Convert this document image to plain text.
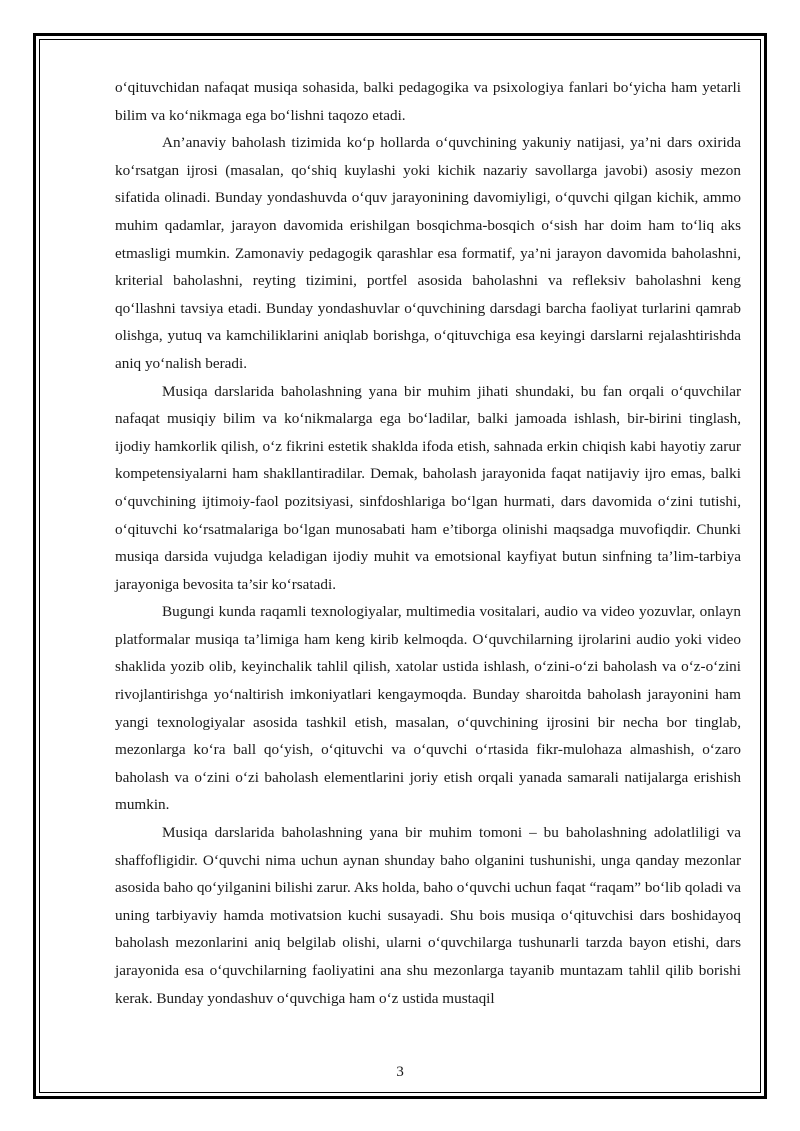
o‘qituvchidan nafaqat musiqa sohasida, balki pedagogika va psixologiya fanlari bo‘yicha ham yetarli bilim va ko‘nikmaga ega bo‘lishni taqozo etadi.

An’anaviy baholash tizimida ko‘p hollarda o‘quvchining yakuniy natijasi, ya’ni dars oxirida ko‘rsatgan ijrosi (masalan, qo‘shiq kuylashi yoki kichik nazariy savollarga javobi) asosiy mezon sifatida olinadi. Bunday yondashuvda o‘quv jarayonining davomiyligi, o‘quvchi qilgan kichik, ammo muhim qadamlar, jarayon davomida erishilgan bosqichma-bosqich o‘sish har doim ham to‘liq aks etmasligi mumkin. Zamonaviy pedagogik qarashlar esa formatif, ya’ni jarayon davomida baholashni, kriterial baholashni, reyting tizimini, portfel asosida baholashni va refleksiv baholashni keng qo‘llashni tavsiya etadi. Bunday yondashuvlar o‘quvchining darsdagi barcha faoliyat turlarini qamrab olishga, yutuq va kamchiliklarini aniqlab borishga, o‘qituvchiga esa keyingi darslarni rejalashtirishda aniq yo‘nalish beradi.

Musiqa darslarida baholashning yana bir muhim jihati shundaki, bu fan orqali o‘quvchilar nafaqat musiqiy bilim va ko‘nikmalarga ega bo‘ladilar, balki jamoada ishlash, bir-birini tinglash, ijodiy hamkorlik qilish, o‘z fikrini estetik shaklda ifoda etish, sahnada erkin chiqish kabi hayotiy zarur kompetensiyalarni ham shakllantiradilar. Demak, baholash jarayonida faqat natijaviy ijro emas, balki o‘quvchining ijtimoiy-faol pozitsiyasi, sinfdoshlariga bo‘lgan hurmati, dars davomida o‘zini tutishi, o‘qituvchi ko‘rsatmalariga bo‘lgan munosabati ham e’tiborga olinishi maqsadga muvofiqdir. Chunki musiqa darsida vujudga keladigan ijodiy muhit va emotsional kayfiyat butun sinfning ta’lim-tarbiya jarayoniga bevosita ta’sir ko‘rsatadi.

Bugungi kunda raqamli texnologiyalar, multimedia vositalari, audio va video yozuvlar, onlayn platformalar musiqa ta’limiga ham keng kirib kelmoqda. O‘quvchilarning ijrolarini audio yoki video shaklida yozib olib, keyinchalik tahlil qilish, xatolar ustida ishlash, o‘zini-o‘zi baholash va o‘z-o‘zini rivojlantirishga yo‘naltirish imkoniyatlari kengaymoqda. Bunday sharoitda baholash jarayonini ham yangi texnologiyalar asosida tashkil etish, masalan, o‘quvchining ijrosini bir necha bor tinglab, mezonlarga ko‘ra ball qo‘yish, o‘qituvchi va o‘quvchi o‘rtasida fikr-mulohaza almashish, o‘zaro baholash va o‘zini o‘zi baholash elementlarini joriy etish orqali yanada samarali natijalarga erishish mumkin.

Musiqa darslarida baholashning yana bir muhim tomoni – bu baholashning adolatliligi va shaffofligidir. O‘quvchi nima uchun aynan shunday baho olganini tushunishi, unga qanday mezonlar asosida baho qo‘yilganini bilishi zarur. Aks holda, baho o‘quvchi uchun faqat “raqam” bo‘lib qoladi va uning tarbiyaviy hamda motivatsion kuchi susayadi. Shu bois musiqa o‘qituvchisi dars boshidayoq baholash mezonlarini aniq belgilab olishi, ularni o‘quvchilarga tushunarli tarzda bayon etishi, dars jarayonida esa o‘quvchilarning faoliyatini ana shu mezonlarga tayanib muntazam tahlil qilib borishi kerak. Bunday yondashuv o‘quvchiga ham o‘z ustida mustaqil

3
